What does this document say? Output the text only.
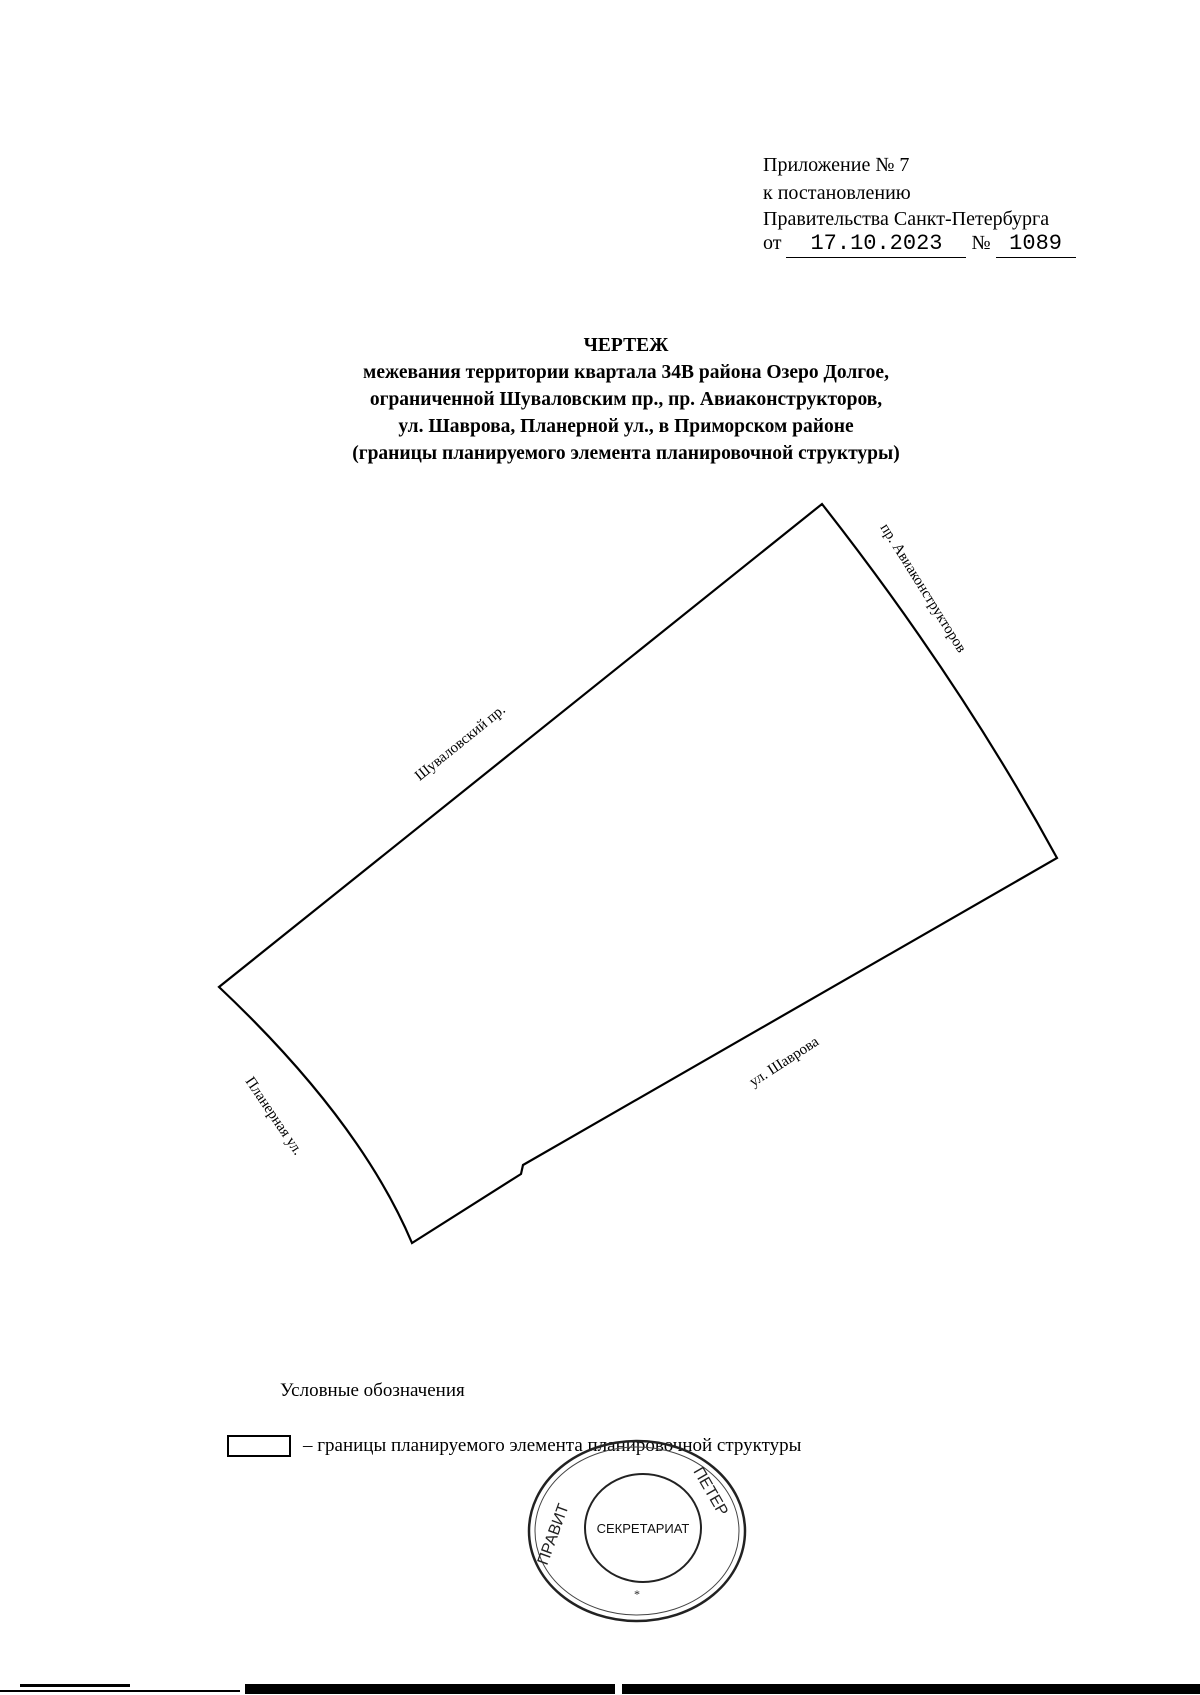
Приложение № 7
к постановлению
Правительства Санкт-Петербурга
от 17.10.2023 № 1089
ЧЕРТЕЖ
межевания территории квартала 34В района Озеро Долгое,
ограниченной Шуваловским пр., пр. Авиаконструкторов,
ул. Шаврова, Планерной ул., в Приморском районе
(границы планируемого элемента планировочной структуры)
Шуваловский пр.
пр. Авиаконструкторов
ул. Шаврова
Планерная ул.
Условные обозначения
– границы планируемого элемента планировочной структуры
СЕКРЕТАРИАТ
*
ПРАВИТ
ПЕТЕР
